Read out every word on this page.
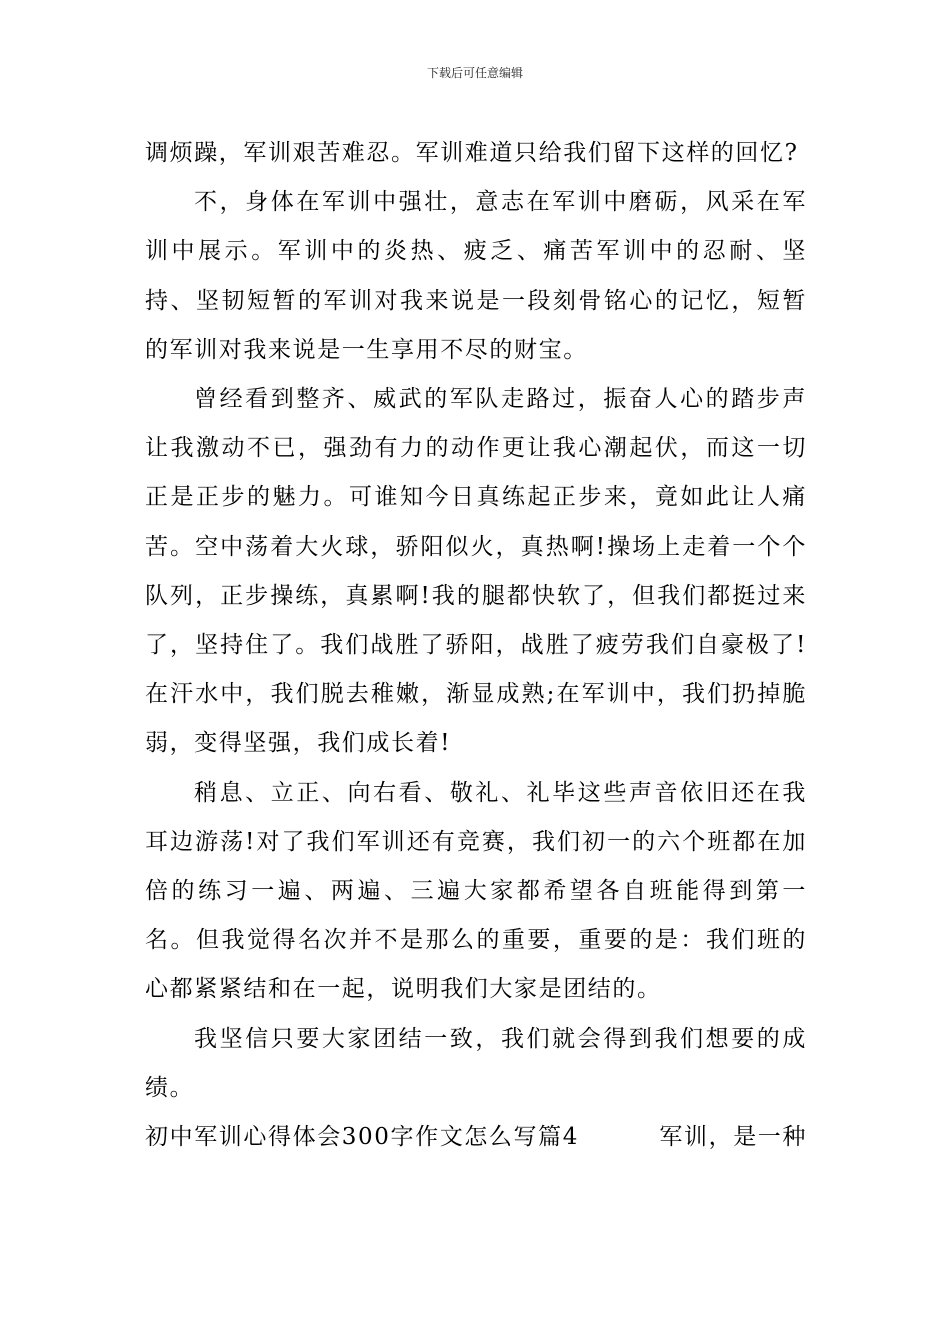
下载后可任意编辑

调烦躁，军训艰苦难忍。军训难道只给我们留下这样的回忆?

不，身体在军训中强壮，意志在军训中磨砺，风采在军训中展示。军训中的炎热、疲乏、痛苦军训中的忍耐、坚持、坚韧短暂的军训对我来说是一段刻骨铭心的记忆，短暂的军训对我来说是一生享用不尽的财宝。

曾经看到整齐、威武的军队走路过，振奋人心的踏步声让我激动不已，强劲有力的动作更让我心潮起伏，而这一切正是正步的魅力。可谁知今日真练起正步来，竟如此让人痛苦。空中荡着大火球，骄阳似火，真热啊!操场上走着一个个队列，正步操练，真累啊!我的腿都快软了，但我们都挺过来了，坚持住了。我们战胜了骄阳，战胜了疲劳我们自豪极了!在汗水中，我们脱去稚嫩，渐显成熟;在军训中，我们扔掉脆弱，变得坚强，我们成长着!

稍息、立正、向右看、敬礼、礼毕这些声音依旧还在我耳边游荡!对了我们军训还有竞赛，我们初一的六个班都在加倍的练习一遍、两遍、三遍大家都希望各自班能得到第一名。但我觉得名次并不是那么的重要，重要的是：我们班的心都紧紧结和在一起，说明我们大家是团结的。

我坚信只要大家团结一致，我们就会得到我们想要的成绩。

初中军训心得体会300字作文怎么写篇4	军训，是一种
